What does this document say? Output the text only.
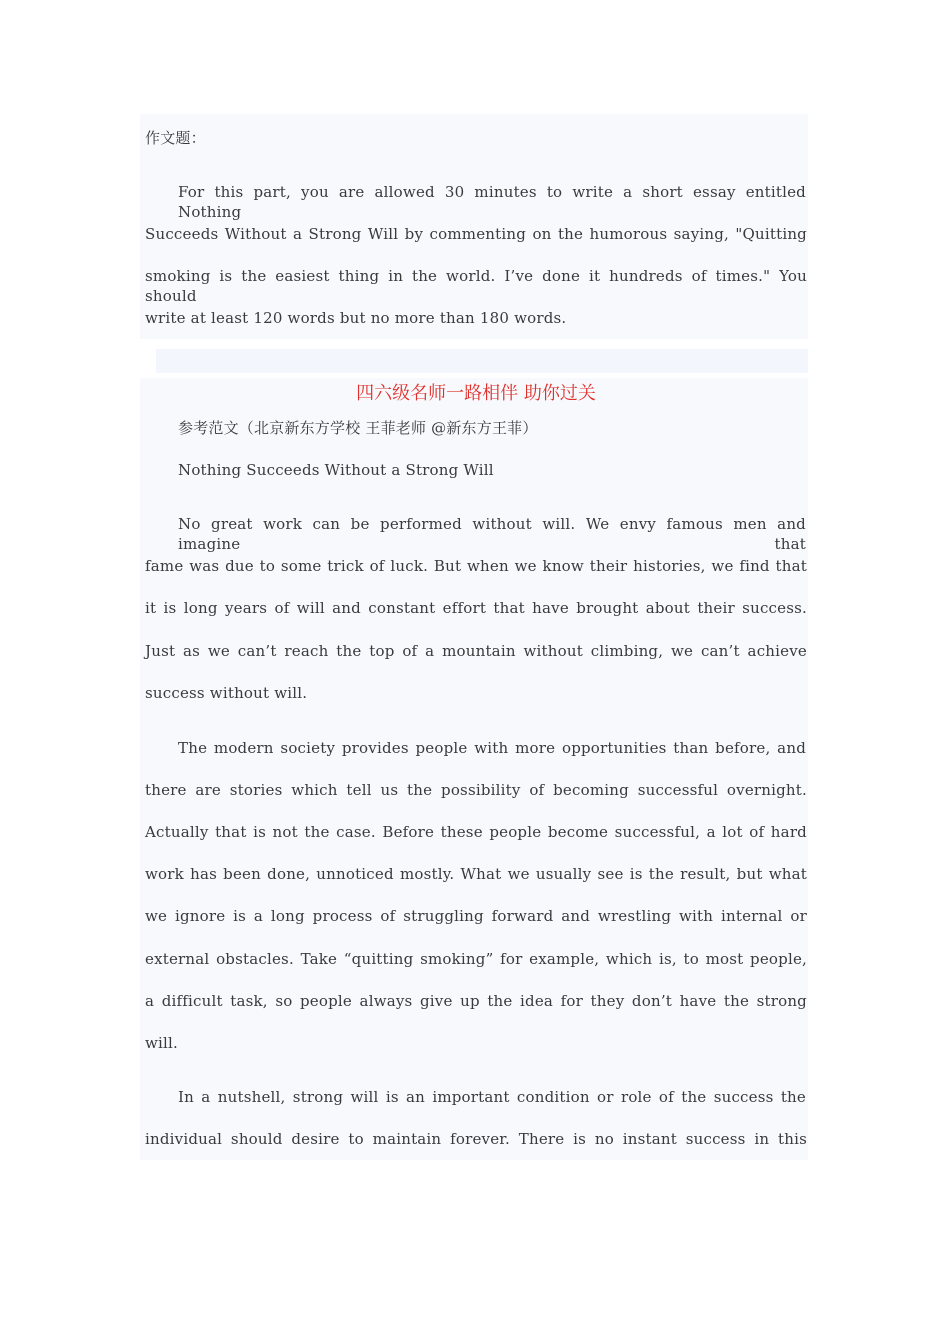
作文题：
For this part, you are allowed 30 minutes to write a short essay entitled Nothing
Succeeds Without a Strong Will by commenting on the humorous saying, "Quitting
smoking is the easiest thing in the world. I’ve done it hundreds of times." You should
write at least 120 words but no more than 180 words.
四六级名师一路相伴 助你过关
参考范文（北京新东方学校 王菲老师 @新东方王菲）
Nothing Succeeds Without a Strong Will
No great work can be performed without will. We envy famous men and imagine that
fame was due to some trick of luck. But when we know their histories, we find that
it is long years of will and constant effort that have brought about their success.
Just as we can’t reach the top of a mountain without climbing, we can’t achieve
success without will.
The modern society provides people with more opportunities than before, and
there are stories which tell us the possibility of becoming successful overnight.
Actually that is not the case. Before these people become successful, a lot of hard
work has been done, unnoticed mostly. What we usually see is the result, but what
we ignore is a long process of struggling forward and wrestling with internal or
external obstacles. Take “quitting smoking” for example, which is, to most people,
a difficult task, so people always give up the idea for they don’t have the strong
will.
In a nutshell, strong will is an important condition or role of the success the
individual should desire to maintain forever. There is no instant success in this
